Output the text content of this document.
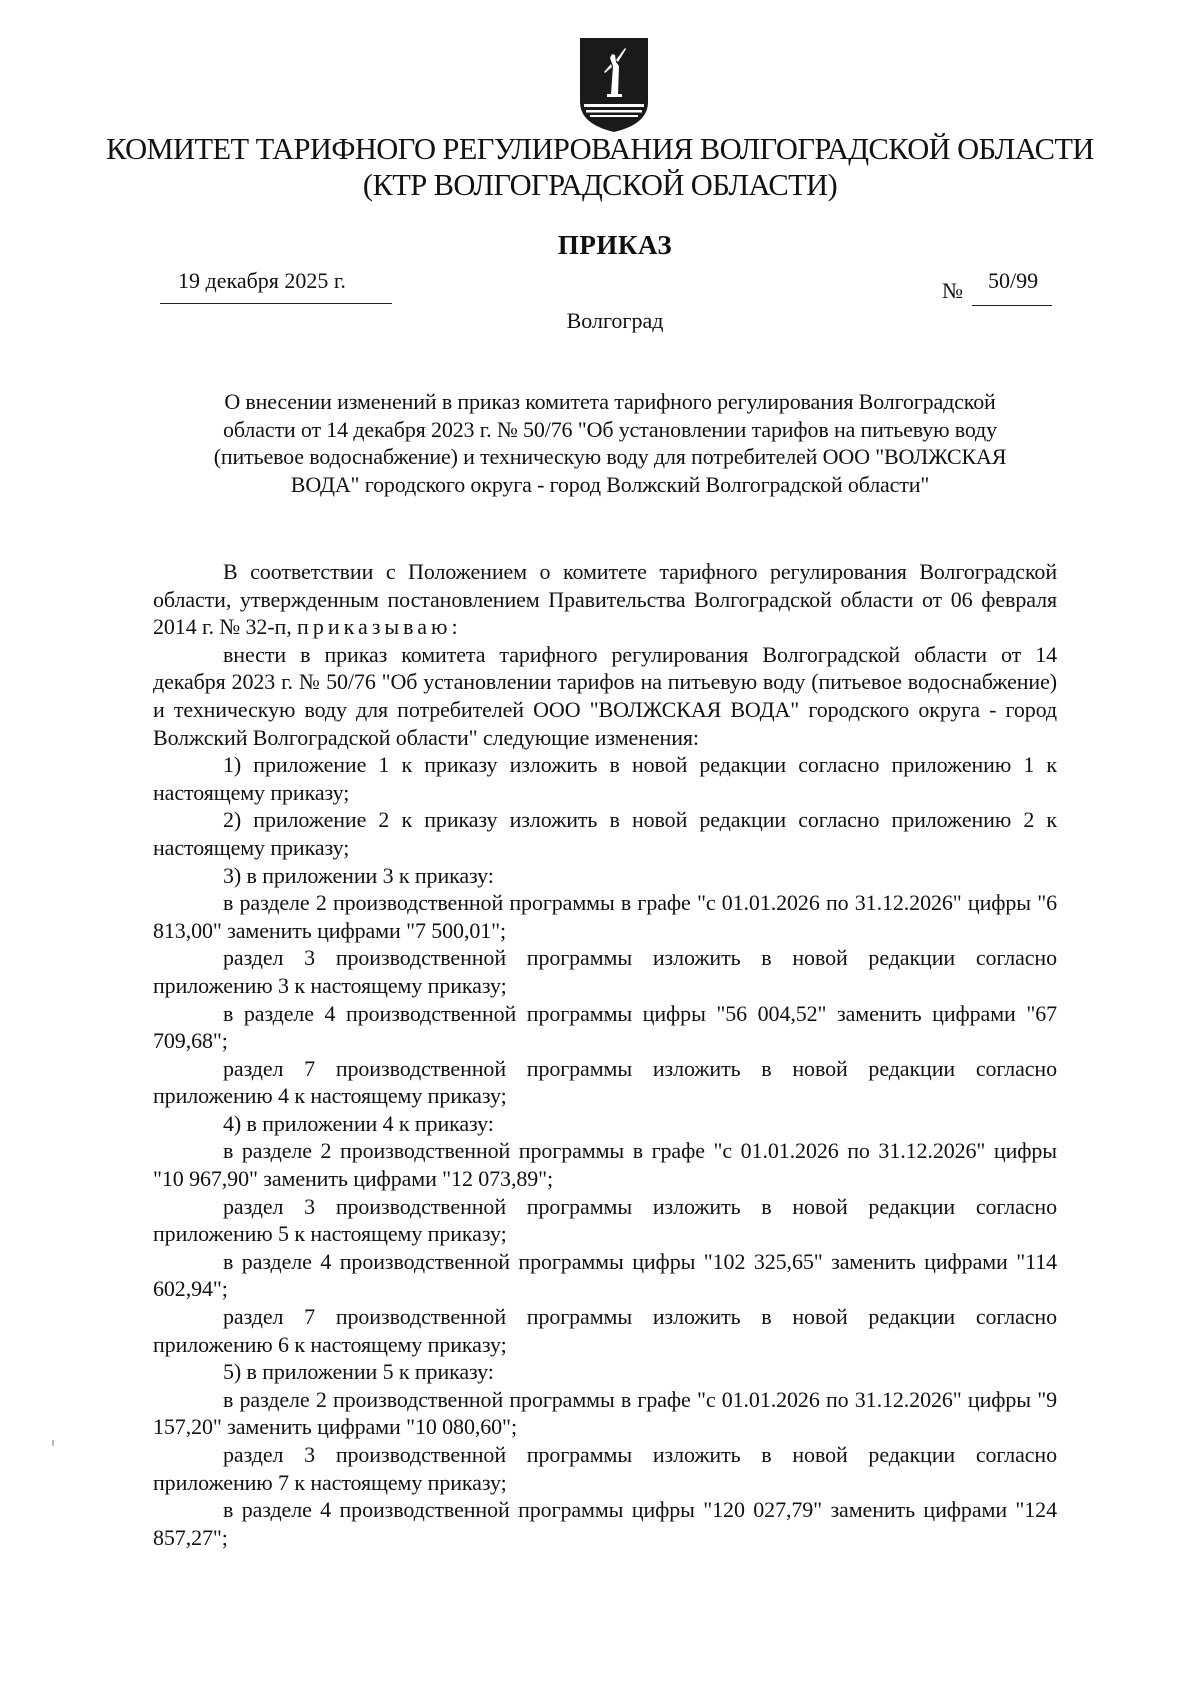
КОМИТЕТ ТАРИФНОГО РЕГУЛИРОВАНИЯ ВОЛГОГРАДСКОЙ ОБЛАСТИ
(КТР ВОЛГОГРАДСКОЙ ОБЛАСТИ)
ПРИКАЗ
19 декабря 2025 г.	№ 50/99
Волгоград
О внесении изменений в приказ комитета тарифного регулирования Волгоградской
области от 14 декабря 2023 г. № 50/76 "Об установлении тарифов на питьевую воду
(питьевое водоснабжение) и техническую воду для потребителей ООО "ВОЛЖСКАЯ
ВОДА" городского округа - город Волжский Волгоградской области"

В соответствии с Положением о комитете тарифного регулирования Волгоградской области, утвержденным постановлением Правительства Волгоградской области от 06 февраля 2014 г. № 32-п, приказываю:

внести в приказ комитета тарифного регулирования Волгоградской области от 14 декабря 2023 г. № 50/76 "Об установлении тарифов на питьевую воду (питьевое водоснабжение) и техническую воду для потребителей ООО "ВОЛЖСКАЯ ВОДА" городского округа - город Волжский Волгоградской области" следующие изменения:

1) приложение 1 к приказу изложить в новой редакции согласно приложению 1 к настоящему приказу;

2) приложение 2 к приказу изложить в новой редакции согласно приложению 2 к настоящему приказу;

3) в приложении 3 к приказу:

в разделе 2 производственной программы в графе "с 01.01.2026 по 31.12.2026" цифры "6 813,00" заменить цифрами "7 500,01";

раздел 3 производственной программы изложить в новой редакции согласно приложению 3 к настоящему приказу;

в разделе 4 производственной программы цифры "56 004,52" заменить цифрами "67 709,68";

раздел 7 производственной программы изложить в новой редакции согласно приложению 4 к настоящему приказу;

4) в приложении 4 к приказу:

в разделе 2 производственной программы в графе "с 01.01.2026 по 31.12.2026" цифры "10 967,90" заменить цифрами "12 073,89";

раздел 3 производственной программы изложить в новой редакции согласно приложению 5 к настоящему приказу;

в разделе 4 производственной программы цифры "102 325,65" заменить цифрами "114 602,94";

раздел 7 производственной программы изложить в новой редакции согласно приложению 6 к настоящему приказу;

5) в приложении 5 к приказу:

в разделе 2 производственной программы в графе "с 01.01.2026 по 31.12.2026" цифры "9 157,20" заменить цифрами "10 080,60";

раздел 3 производственной программы изложить в новой редакции согласно приложению 7 к настоящему приказу;

в разделе 4 производственной программы цифры "120 027,79" заменить цифрами "124 857,27";
